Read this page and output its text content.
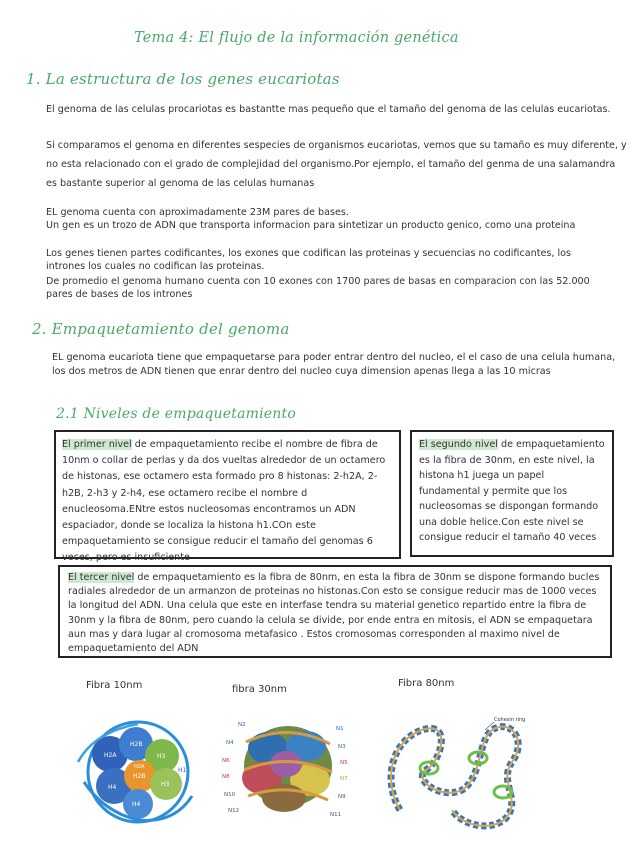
Tema 4: El flujo de la información genética
1. La estructura de los genes eucariotas

El genoma de las celulas procariotas es bastantte mas pequeño que el tamaño del genoma de las celulas eucariotas.

Si comparamos el genoma en diferentes sespecies de organismos eucariotas, vemos que su tamaño es muy diferente, y no esta relacionado con el grado de complejidad del organismo.Por ejemplo, el tamaño del genma de una salamandra es bastante superior al genoma de las celulas humanas

EL genoma cuenta con aproximadamente 23M pares de bases.

Un gen es un trozo de ADN que transporta informacion para sintetizar un producto genico, como una proteina

Los genes tienen partes codificantes, los exones que codifican las proteinas y secuencias no codificantes, los intrones los cuales no codifican las proteinas.

De promedio el genoma humano cuenta con 10 exones con 1700 pares de basas en comparacion con las 52.000 pares de bases de los intrones

2. Empaquetamiento del genoma

EL genoma eucariota tiene que empaquetarse para poder entrar dentro del nucleo, el el caso de una celula humana, los dos metros de ADN tienen que enrar dentro del nucleo cuya dimension apenas llega a las 10 micras

2.1 Niveles de empaquetamiento

El primer nivel de empaquetamiento recibe el nombre de fibra de 10nm o collar de perlas y da dos vueltas alrededor de un octamero de histonas, ese octamero esta formado pro 8 histonas: 2-h2A, 2-h2B, 2-h3 y 2-h4, ese octamero recibe el nombre d enucleosoma.ENtre estos nucleosomas encontramos un ADN espaciador, donde se localiza la histona h1.COn este empaquetamiento se consigue reducir el tamaño del genomas 6 veces, pero es insuficiente

El segundo nivel de empaquetamiento es la fibra de 30nm, en este nivel, la histona h1 juega un papel fundamental y permite que los nucleosomas se dispongan formando una doble helice.Con este nivel se consigue reducir el tamaño 40 veces

El tercer nivel de empaquetamiento es la fibra de 80nm, en esta la fibra de 30nm se dispone formando bucles radiales alrededor de un armanzon de proteinas no histonas.Con esto se consigue reducir mas de 1000 veces la longitud del ADN. Una celula que este en interfase tendra su material genetico repartido entre la fibra de 30nm y la fibra de 80nm, pero cuando la celula se divide, por ende entra en mitosis, el ADN se empaquetara aun mas y dara lugar al cromosoma metafasico . Estos cromosomas corresponden al maximo nivel de empaquetamiento del ADN

Fibra 10nm	fibra 30nm
Fibra 80nm
H2A
H2B
H3
H4
H2B
H3
H4
H2A	H1
N2
N1
N4
N3
N6	N5
N8	N7
N10	N9
N12
N11
Cohesin ring
